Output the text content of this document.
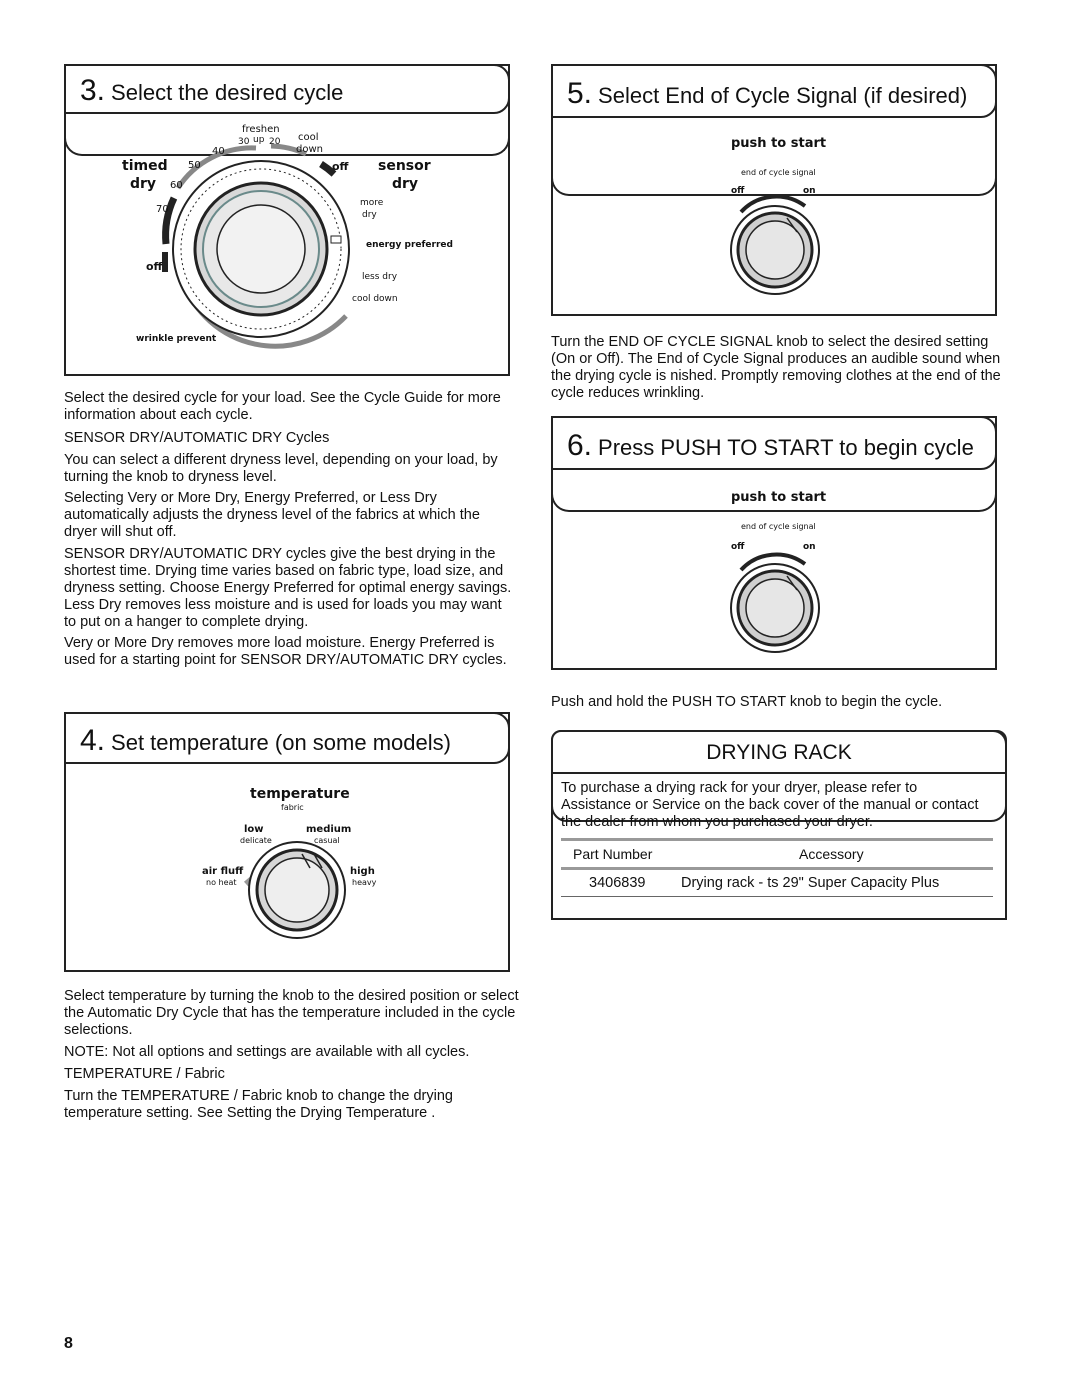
3. Select the desired cycle
freshen
30 up 20 cool
down
40
50
60
70
timed
dry
off sensor
dry
more
dry
energy preferred
off
less dry
cool down
wrinkle prevent

Select the desired cycle for your load. See the Cycle Guide for more information about each cycle.

SENSOR DRY/AUTOMATIC DRY Cycles

You can select a different dryness level, depending on your load, by turning the knob to dryness level.

Selecting Very or More Dry, Energy Preferred, or Less Dry automatically adjusts the dryness level of the fabrics at which the dryer will shut off.

SENSOR DRY/AUTOMATIC DRY cycles give the best drying in the shortest time. Drying time varies based on fabric type, load size, and dryness setting. Choose Energy Preferred for optimal energy savings. Less Dry removes less moisture and is used for loads you may want to put on a hanger to complete drying.

Very or More Dry removes more load moisture. Energy Preferred is used for a starting point for SENSOR DRY/AUTOMATIC DRY cycles.

4. Set temperature (on some models)
temperature
fabric
low
delicate
medium
casual
air fluff
no heat
high
heavy

Select temperature by turning the knob to the desired position or select the Automatic Dry Cycle that has the temperature included in the cycle selections.

NOTE: Not all options and settings are available with all cycles.

TEMPERATURE / Fabric

Turn the TEMPERATURE / Fabric knob to change the drying temperature setting. See Setting the Drying Temperature .

5. Select End of Cycle Signal (if desired)
push to start
end of cycle signal
off	on

Turn the END OF CYCLE SIGNAL knob to select the desired setting (On or Off). The End of Cycle Signal produces an audible sound when the drying cycle is nished. Promptly removing clothes at the end of the cycle reduces wrinkling.

6. Press PUSH TO START to begin cycle
push to start
end of cycle signal
off	on

Push and hold the PUSH TO START knob to begin the cycle.

DRYING RACK

To purchase a drying rack for your dryer, please refer to Assistance or Service on the back cover of the manual or contact the dealer from whom you purchased your dryer.

Part Number	Accessory
3406839 Drying rack - ts 29" Super Capacity Plus
8
